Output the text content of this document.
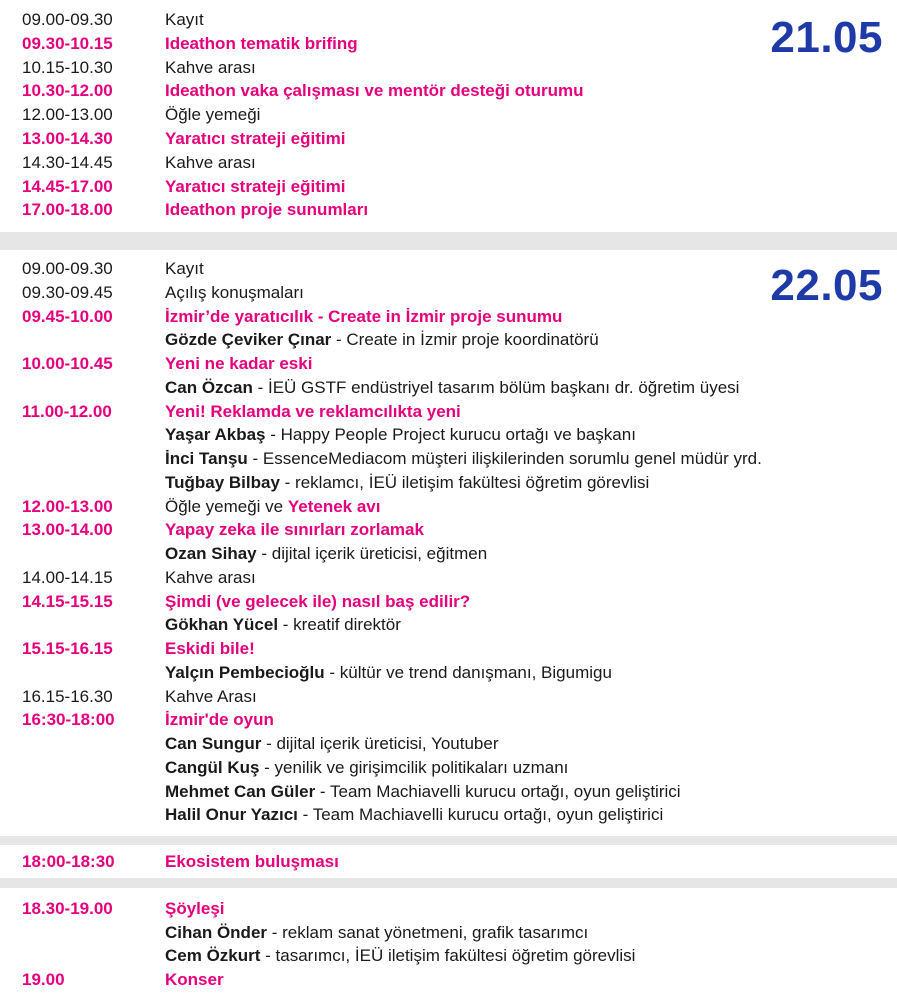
21.05
09.00-09.30	Kayıt
09.30-10.15	Ideathon tematik brifing
10.15-10.30	Kahve arası
10.30-12.00	Ideathon vaka çalışması ve mentör desteği oturumu
12.00-13.00	Öğle yemeği
13.00-14.30	Yaratıcı strateji eğitimi
14.30-14.45	Kahve arası
14.45-17.00	Yaratıcı strateji eğitimi
17.00-18.00	Ideathon proje sunumları
22.05
09.00-09.30	Kayıt
09.30-09.45	Açılış konuşmaları
09.45-10.00	İzmir’de yaratıcılık - Create in İzmir proje sunumu
Gözde Çeviker Çınar - Create in İzmir proje koordinatörü
10.00-10.45	Yeni ne kadar eski
Can Özcan - İEÜ GSTF endüstriyel tasarım bölüm başkanı dr. öğretim üyesi
11.00-12.00	Yeni! Reklamda ve reklamcılıkta yeni
Yaşar Akbaş - Happy People Project kurucu ortağı ve başkanı
İnci Tanşu - EssenceMediacom müşteri ilişkilerinden sorumlu genel müdür yrd.
Tuğbay Bilbay - reklamcı, İEÜ iletişim fakültesi öğretim görevlisi
12.00-13.00	Öğle yemeği ve Yetenek avı
13.00-14.00	Yapay zeka ile sınırları zorlamak
Ozan Sihay - dijital içerik üreticisi, eğitmen
14.00-14.15	Kahve arası
14.15-15.15	Şimdi (ve gelecek ile) nasıl baş edilir?
Gökhan Yücel - kreatif direktör
15.15-16.15	Eskidi bile!
Yalçın Pembecioğlu - kültür ve trend danışmanı, Bigumigu
16.15-16.30	Kahve Arası
16:30-18:00	İzmir'de oyun
Can Sungur - dijital içerik üreticisi, Youtuber
Cangül Kuş - yenilik ve girişimcilik politikaları uzmanı
Mehmet Can Güler - Team Machiavelli kurucu ortağı, oyun geliştirici
Halil Onur Yazıcı - Team Machiavelli kurucu ortağı, oyun geliştirici
18:00-18:30	Ekosistem buluşması
18.30-19.00	Şöyleşi
Cihan Önder - reklam sanat yönetmeni, grafik tasarımcı
Cem Özkurt - tasarımcı, İEÜ iletişim fakültesi öğretim görevlisi
19.00	Konser
